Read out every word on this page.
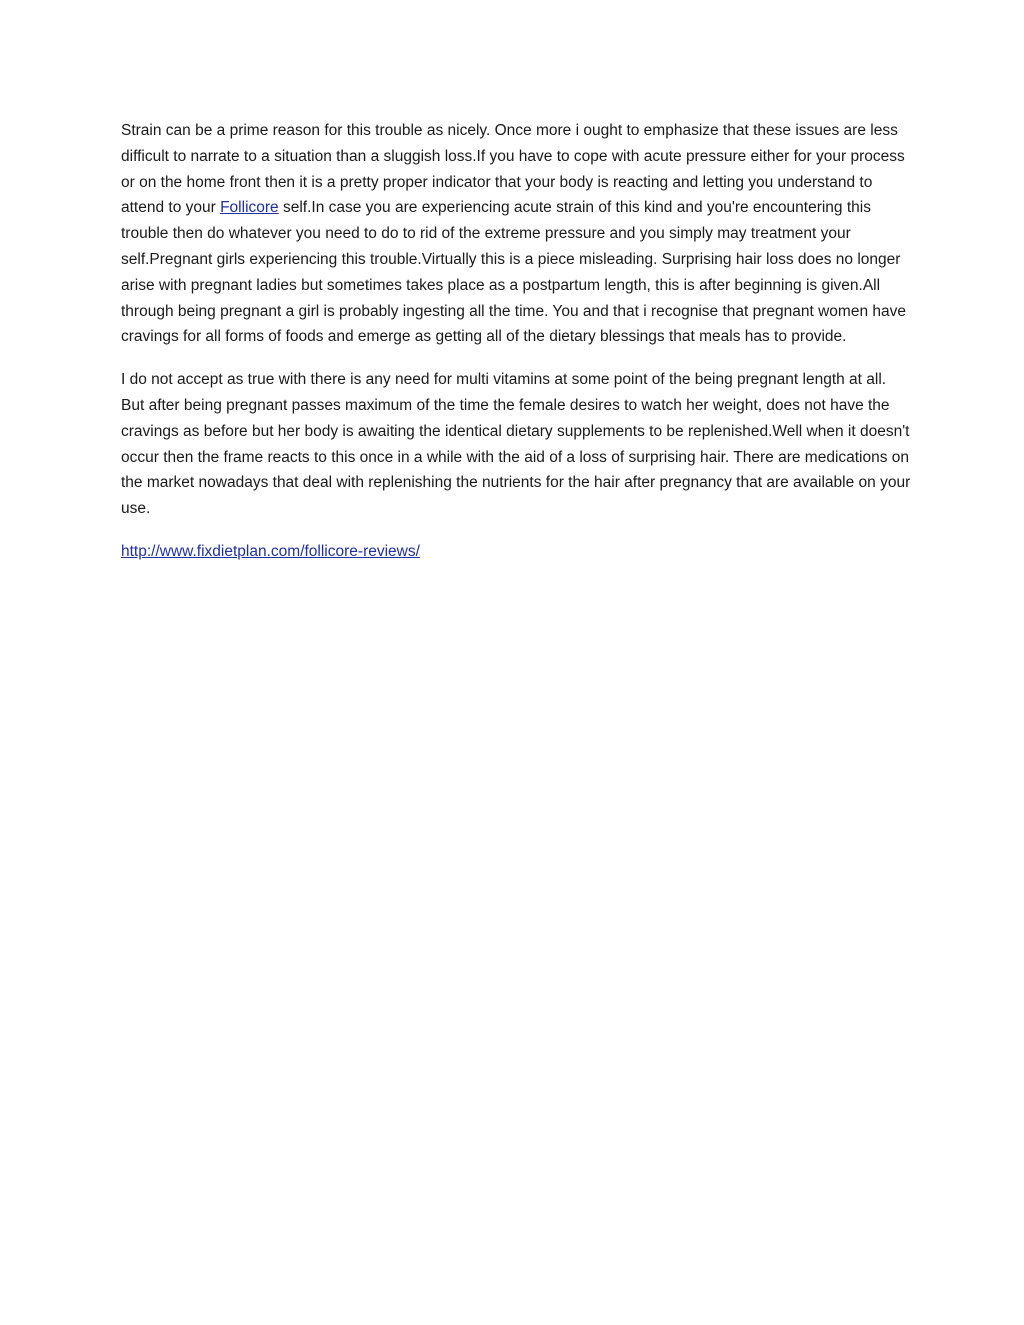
Strain can be a prime reason for this trouble as nicely. Once more i ought to emphasize that these issues are less difficult to narrate to a situation than a sluggish loss.If you have to cope with acute pressure either for your process or on the home front then it is a pretty proper indicator that your body is reacting and letting you understand to attend to your Follicore self.In case you are experiencing acute strain of this kind and you're encountering this trouble then do whatever you need to do to rid of the extreme pressure and you simply may treatment your self.Pregnant girls experiencing this trouble.Virtually this is a piece misleading. Surprising hair loss does no longer arise with pregnant ladies but sometimes takes place as a postpartum length, this is after beginning is given.All through being pregnant a girl is probably ingesting all the time. You and that i recognise that pregnant women have cravings for all forms of foods and emerge as getting all of the dietary blessings that meals has to provide.

I do not accept as true with there is any need for multi vitamins at some point of the being pregnant length at all. But after being pregnant passes maximum of the time the female desires to watch her weight, does not have the cravings as before but her body is awaiting the identical dietary supplements to be replenished.Well when it doesn't occur then the frame reacts to this once in a while with the aid of a loss of surprising hair. There are medications on the market nowadays that deal with replenishing the nutrients for the hair after pregnancy that are available on your use.

http://www.fixdietplan.com/follicore-reviews/
